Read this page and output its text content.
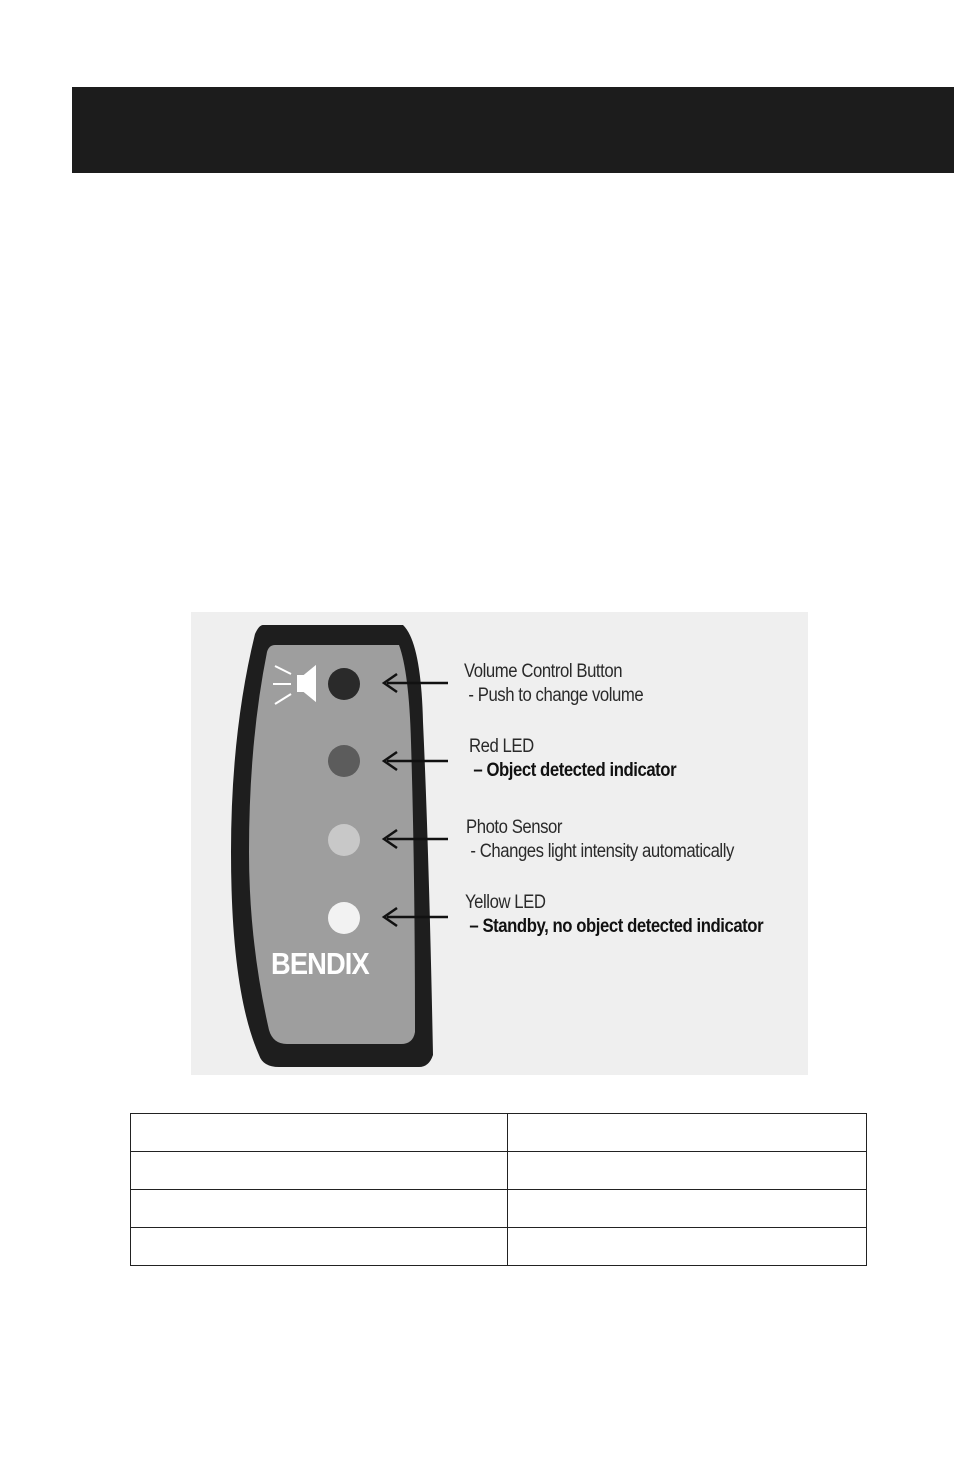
BENDIX
Volume Control Button
- Push to change volume
Red LED
– Object detected indicator
Photo Sensor
- Changes light intensity automatically
Yellow LED
– Standby, no object detected indicator
